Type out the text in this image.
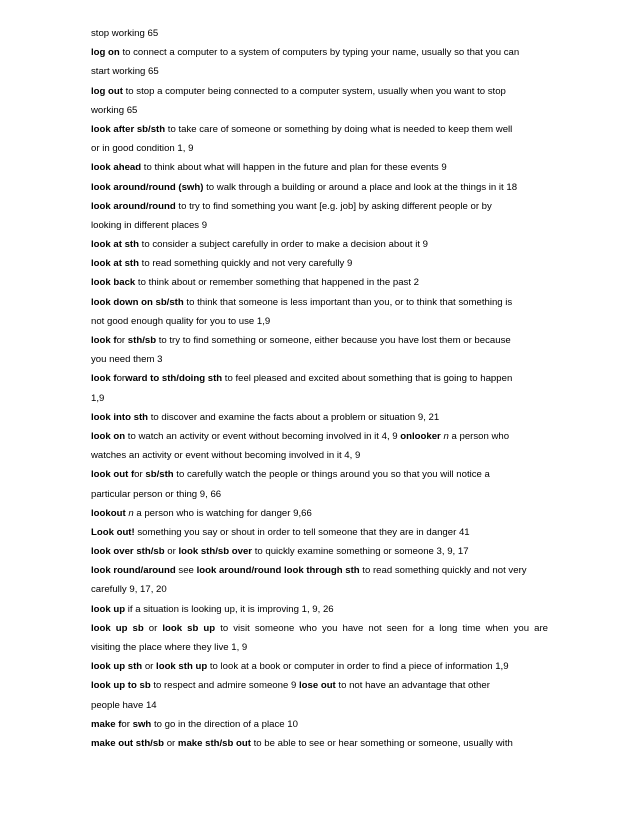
stop working 65
log on to connect a computer to a system of computers by typing your name, usually so that you can
start working 65
log out to stop a computer being connected to a computer system, usually when you want to stop
working 65
look after sb/sth to take care of someone or something by doing what is needed to keep them well
or in good condition 1, 9
look ahead to think about what will happen in the future and plan for these events 9
look around/round (swh) to walk through a building or around a place and look at the things in it 18
look around/round to try to find something you want [e.g. job] by asking different people or by
looking in different places 9
look at sth to consider a subject carefully in order to make a decision about it 9
look at sth to read something quickly and not very carefully 9
look back to think about or remember something that happened in the past 2
look down on sb/sth to think that someone is less important than you, or to think that something is
not good enough quality for you to use 1,9
look for sth/sb to try to find something or someone, either because you have lost them or because
you need them 3
look forward to sth/doing sth to feel pleased and excited about something that is going to happen
1,9
look into sth to discover and examine the facts about a problem or situation 9, 21
look on to watch an activity or event without becoming involved in it 4, 9 onlooker n a person who
watches an activity or event without becoming involved in it 4, 9
look out for sb/sth to carefully watch the people or things around you so that you will notice a
particular person or thing 9, 66
lookout n a person who is watching for danger 9,66
Look out! something you say or shout in order to tell someone that they are in danger 41
look over sth/sb or look sth/sb over to quickly examine something or someone 3, 9, 17
look round/around see look around/round look through sth to read something quickly and not very
carefully 9, 17, 20
look up if a situation is looking up, it is improving 1, 9, 26
look up sb or look sb up to visit someone who you have not seen for a long time when you are
visiting the place where they live 1, 9
look up sth or look sth up to look at a book or computer in order to find a piece of information 1,9
look up to sb to respect and admire someone 9 lose out to not have an advantage that other
people have 14
make for swh to go in the direction of a place 10
make out sth/sb or make sth/sb out to be able to see or hear something or someone, usually with
